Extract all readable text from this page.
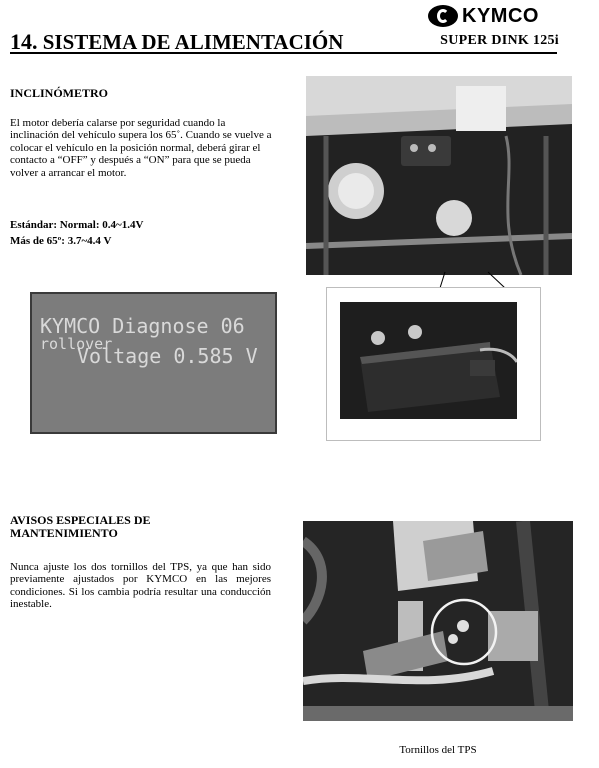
KYMCO
14. SISTEMA DE ALIMENTACIÓN	SUPER DINK 125i
INCLINÓMETRO
El motor debería calarse por seguridad cuando la inclinación del vehículo supera los 65˚. Cuando se vuelve a colocar el vehículo en la posición normal, deberá girar el contacto a “OFF” y después a “ON” para que se pueda volver a arrancar el motor.
Estándar: Normal: 0.4~1.4V
Más de 65º: 3.7~4.4 V
KYMCO Diagnose 06
rollover
Voltage 0.585 V
AVISOS ESPECIALES DE MANTENIMIENTO
Nunca ajuste los dos tornillos del TPS, ya que han sido previamente ajustados por KYMCO en las mejores condiciones. Si los cambia podría resultar una conducción inestable.
Tornillos del TPS
